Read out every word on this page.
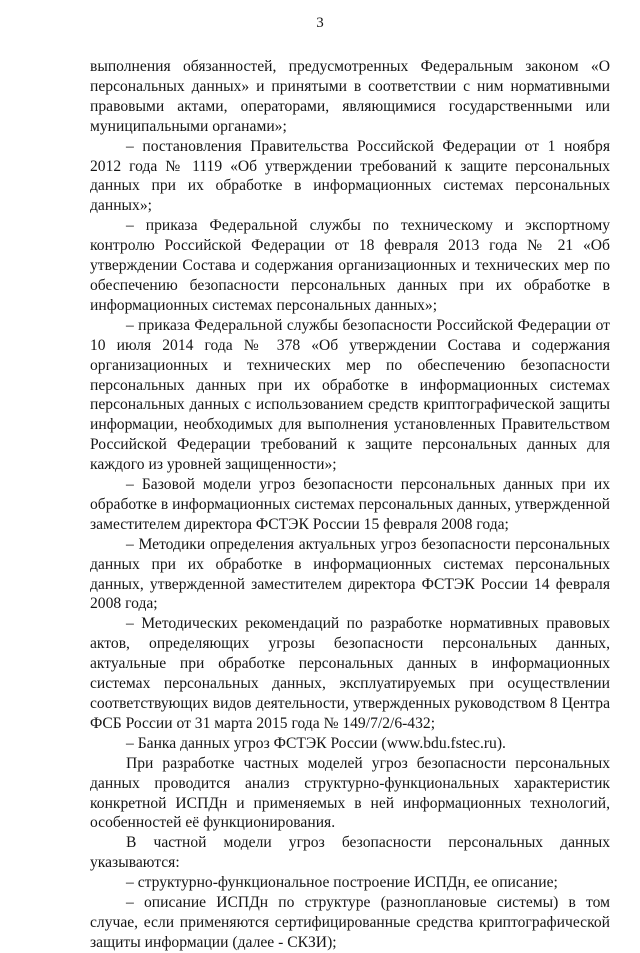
3

выполнения обязанностей, предусмотренных Федеральным законом «О персональных данных» и принятыми в соответствии с ним нормативными правовыми актами, операторами, являющимися государственными или муниципальными органами»;

– постановления Правительства Российской Федерации от 1 ноября 2012 года № 1119 «Об утверждении требований к защите персональных данных при их обработке в информационных системах персональных данных»;

– приказа Федеральной службы по техническому и экспортному контролю Российской Федерации от 18 февраля 2013 года № 21 «Об утверждении Состава и содержания организационных и технических мер по обеспечению безопасности персональных данных при их обработке в информационных системах персональных данных»;

– приказа Федеральной службы безопасности Российской Федерации от 10 июля 2014 года № 378 «Об утверждении Состава и содержания организационных и технических мер по обеспечению безопасности персональных данных при их обработке в информационных системах персональных данных с использованием средств криптографической защиты информации, необходимых для выполнения установленных Правительством Российской Федерации требований к защите персональных данных для каждого из уровней защищенности»;

– Базовой модели угроз безопасности персональных данных при их обработке в информационных системах персональных данных, утвержденной заместителем директора ФСТЭК России 15 февраля 2008 года;

– Методики определения актуальных угроз безопасности персональных данных при их обработке в информационных системах персональных данных, утвержденной заместителем директора ФСТЭК России 14 февраля 2008 года;

– Методических рекомендаций по разработке нормативных правовых актов, определяющих угрозы безопасности персональных данных, актуальные при обработке персональных данных в информационных системах персональных данных, эксплуатируемых при осуществлении соответствующих видов деятельности, утвержденных руководством 8 Центра ФСБ России от 31 марта 2015 года № 149/7/2/6-432;

– Банка данных угроз ФСТЭК России (www.bdu.fstec.ru).

При разработке частных моделей угроз безопасности персональных данных проводится анализ структурно-функциональных характеристик конкретной ИСПДн и применяемых в ней информационных технологий, особенностей её функционирования.

В частной модели угроз безопасности персональных данных указываются:

– структурно-функциональное построение ИСПДн, ее описание;

– описание ИСПДн по структуре (разноплановые системы) в том случае, если применяются сертифицированные средства криптографической защиты информации (далее - СКЗИ);
